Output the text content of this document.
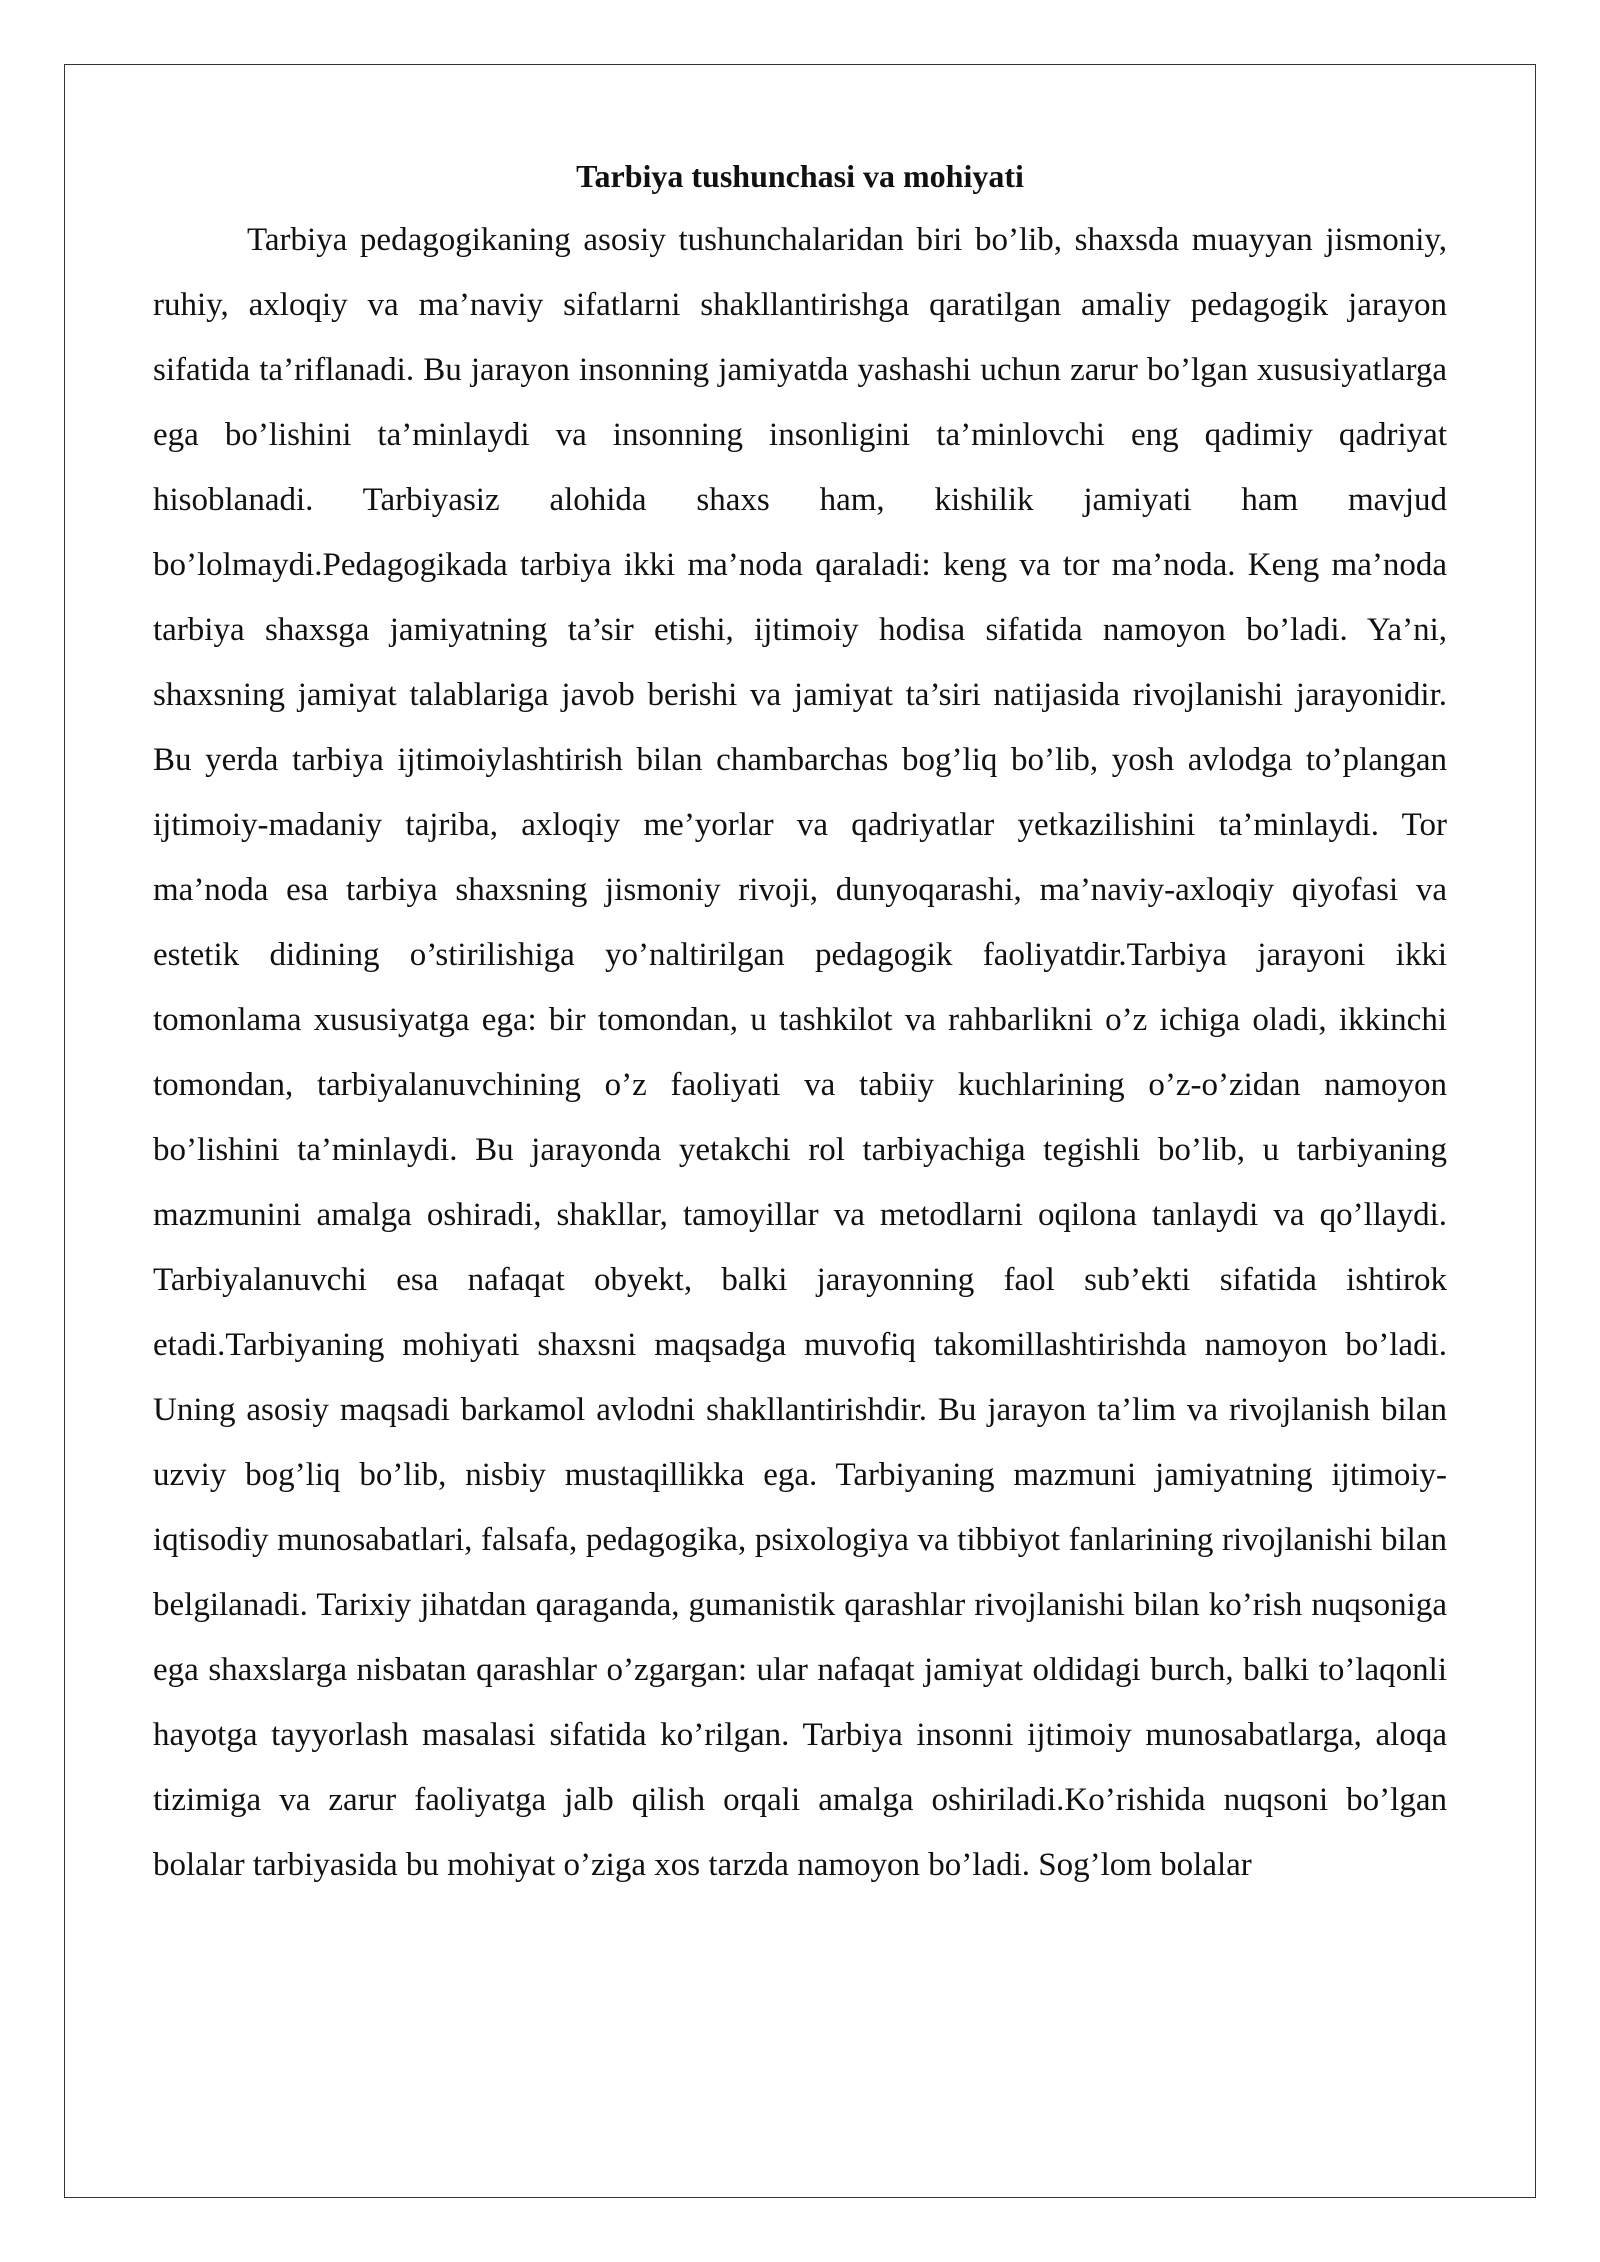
Tarbiya tushunchasi va mohiyati

Tarbiya pedagogikaning asosiy tushunchalaridan biri bo’lib, shaxsda muayyan jismoniy, ruhiy, axloqiy va ma’naviy sifatlarni shakllantirishga qaratilgan amaliy pedagogik jarayon sifatida ta’riflanadi. Bu jarayon insonning jamiyatda yashashi uchun zarur bo’lgan xususiyatlarga ega bo’lishini ta’minlaydi va insonning insonligini ta’minlovchi eng qadimiy qadriyat hisoblanadi. Tarbiyasiz alohida shaxs ham, kishilik jamiyati ham mavjud bo’lolmaydi.Pedagogikada tarbiya ikki ma’noda qaraladi: keng va tor ma’noda. Keng ma’noda tarbiya shaxsga jamiyatning ta’sir etishi, ijtimoiy hodisa sifatida namoyon bo’ladi. Ya’ni, shaxsning jamiyat talablariga javob berishi va jamiyat ta’siri natijasida rivojlanishi jarayonidir. Bu yerda tarbiya ijtimoiylashtirish bilan chambarchas bog’liq bo’lib, yosh avlodga to’plangan ijtimoiy-madaniy tajriba, axloqiy me’yorlar va qadriyatlar yetkazilishini ta’minlaydi. Tor ma’noda esa tarbiya shaxsning jismoniy rivoji, dunyoqarashi, ma’naviy-axloqiy qiyofasi va estetik didining o’stirilishiga yo’naltirilgan pedagogik faoliyatdir.Tarbiya jarayoni ikki tomonlama xususiyatga ega: bir tomondan, u tashkilot va rahbarlikni o’z ichiga oladi, ikkinchi tomondan, tarbiyalanuvchining o’z faoliyati va tabiiy kuchlarining o’z-o’zidan namoyon bo’lishini ta’minlaydi. Bu jarayonda yetakchi rol tarbiyachiga tegishli bo’lib, u tarbiyaning mazmunini amalga oshiradi, shakllar, tamoyillar va metodlarni oqilona tanlaydi va qo’llaydi. Tarbiyalanuvchi esa nafaqat obyekt, balki jarayonning faol sub’ekti sifatida ishtirok etadi.Tarbiyaning mohiyati shaxsni maqsadga muvofiq takomillashtirishda namoyon bo’ladi. Uning asosiy maqsadi barkamol avlodni shakllantirishdir. Bu jarayon ta’lim va rivojlanish bilan uzviy bog’liq bo’lib, nisbiy mustaqillikka ega. Tarbiyaning mazmuni jamiyatning ijtimoiy-iqtisodiy munosabatlari, falsafa, pedagogika, psixologiya va tibbiyot fanlarining rivojlanishi bilan belgilanadi. Tarixiy jihatdan qaraganda, gumanistik qarashlar rivojlanishi bilan ko’rish nuqsoniga ega shaxslarga nisbatan qarashlar o’zgargan: ular nafaqat jamiyat oldidagi burch, balki to’laqonli hayotga tayyorlash masalasi sifatida ko’rilgan. Tarbiya insonni ijtimoiy munosabatlarga, aloqa tizimiga va zarur faoliyatga jalb qilish orqali amalga oshiriladi.Ko’rishida nuqsoni bo’lgan bolalar tarbiyasida bu mohiyat o’ziga xos tarzda namoyon bo’ladi. Sog’lom bolalar
